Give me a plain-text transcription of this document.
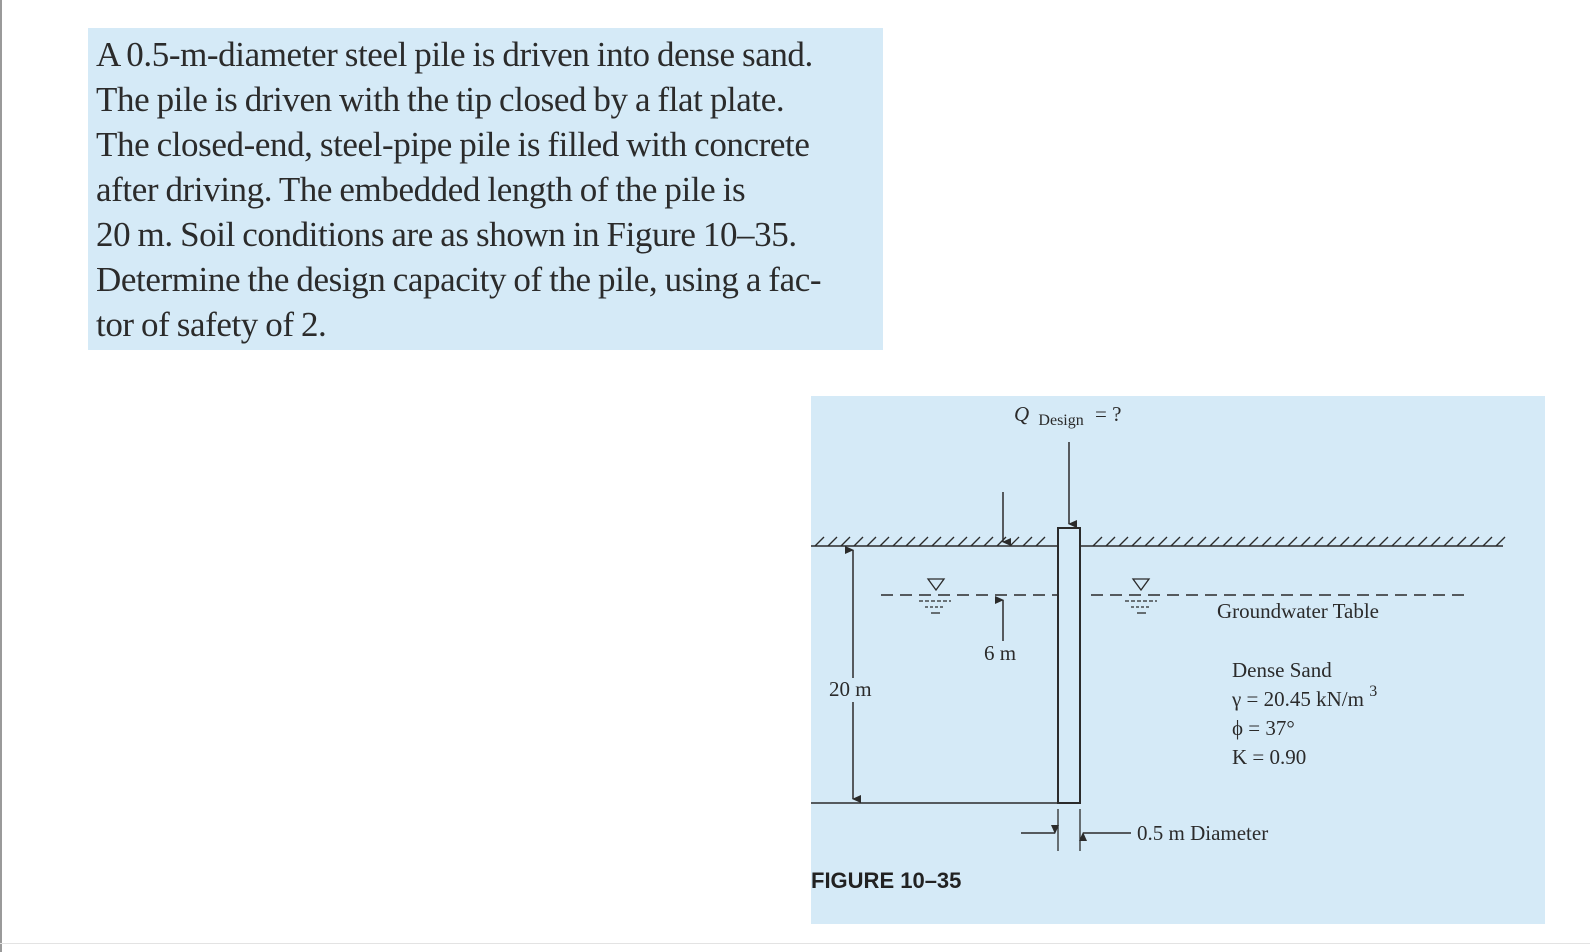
A 0.5-m-diameter steel pile is driven into dense sand.

The pile is driven with the tip closed by a flat plate.

The closed-end, steel-pipe pile is filled with concrete

after driving. The embedded length of the pile is

20 m. Soil conditions are as shown in Figure 10–35.

Determine the design capacity of the pile, using a fac-

tor of safety of 2.

Q Design = ?
6 m
20 m
0.5 m Diameter
Groundwater Table
Dense Sand
γ = 20.45 kN/m $^3$
ϕ = 37°
K = 0.90
FIGURE 10–35
